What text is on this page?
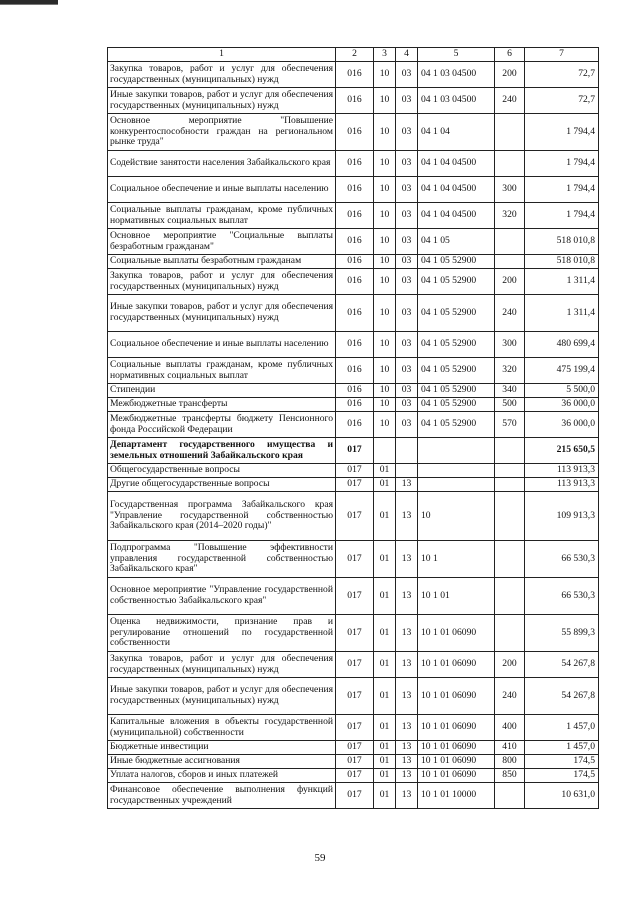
1	2	3	4	5	6	7
Закупка товаров, работ и услуг для обеспечения государственных (муниципальных) нужд	016	10	03	04 1 03 04500	200	72,7
Иные закупки товаров, работ и услуг для обеспечения государственных (муниципальных) нужд	016	10	03	04 1 03 04500	240	72,7
Основное мероприятие "Повышение конкурентоспособности граждан на региональном рынке труда"	016	10	03	04 1 04		1 794,4
Содействие занятости населения Забайкальского края	016	10	03	04 1 04 04500		1 794,4
Социальное обеспечение и иные выплаты населению	016	10	03	04 1 04 04500	300	1 794,4
Социальные выплаты гражданам, кроме публичных нормативных социальных выплат	016	10	03	04 1 04 04500	320	1 794,4
Основное мероприятие "Социальные выплаты безработным гражданам"	016	10	03	04 1 05		518 010,8
Социальные выплаты безработным гражданам	016	10	03	04 1 05 52900		518 010,8
Закупка товаров, работ и услуг для обеспечения государственных (муниципальных) нужд	016	10	03	04 1 05 52900	200	1 311,4
Иные закупки товаров, работ и услуг для обеспечения государственных (муниципальных) нужд	016	10	03	04 1 05 52900	240	1 311,4
Социальное обеспечение и иные выплаты населению	016	10	03	04 1 05 52900	300	480 699,4
Социальные выплаты гражданам, кроме публичных нормативных социальных выплат	016	10	03	04 1 05 52900	320	475 199,4
Стипендии	016	10	03	04 1 05 52900	340	5 500,0
Межбюджетные трансферты	016	10	03	04 1 05 52900	500	36 000,0
Межбюджетные трансферты бюджету Пенсионного фонда Российской Федерации	016	10	03	04 1 05 52900	570	36 000,0
Департамент государственного имущества и земельных отношений Забайкальского края	017					215 650,5
Общегосударственные вопросы	017	01				113 913,3
Другие общегосударственные вопросы	017	01	13			113 913,3
Государственная программа Забайкальского края "Управление государственной собственностью Забайкальского края (2014–2020 годы)"	017	01	13	10		109 913,3
Подпрограмма "Повышение эффективности управления государственной собственностью Забайкальского края"	017	01	13	10 1		66 530,3
Основное мероприятие "Управление государственной собственностью Забайкальского края"	017	01	13	10 1 01		66 530,3
Оценка недвижимости, признание прав и регулирование отношений по государственной собственности	017	01	13	10 1 01 06090		55 899,3
Закупка товаров, работ и услуг для обеспечения государственных (муниципальных) нужд	017	01	13	10 1 01 06090	200	54 267,8
Иные закупки товаров, работ и услуг для обеспечения государственных (муниципальных) нужд	017	01	13	10 1 01 06090	240	54 267,8
Капитальные вложения в объекты государственной (муниципальной) собственности	017	01	13	10 1 01 06090	400	1 457,0
Бюджетные инвестиции	017	01	13	10 1 01 06090	410	1 457,0
Иные бюджетные ассигнования	017	01	13	10 1 01 06090	800	174,5
Уплата налогов, сборов и иных платежей	017	01	13	10 1 01 06090	850	174,5
Финансовое обеспечение выполнения функций государственных учреждений	017	01	13	10 1 01 10000		10 631,0
59
